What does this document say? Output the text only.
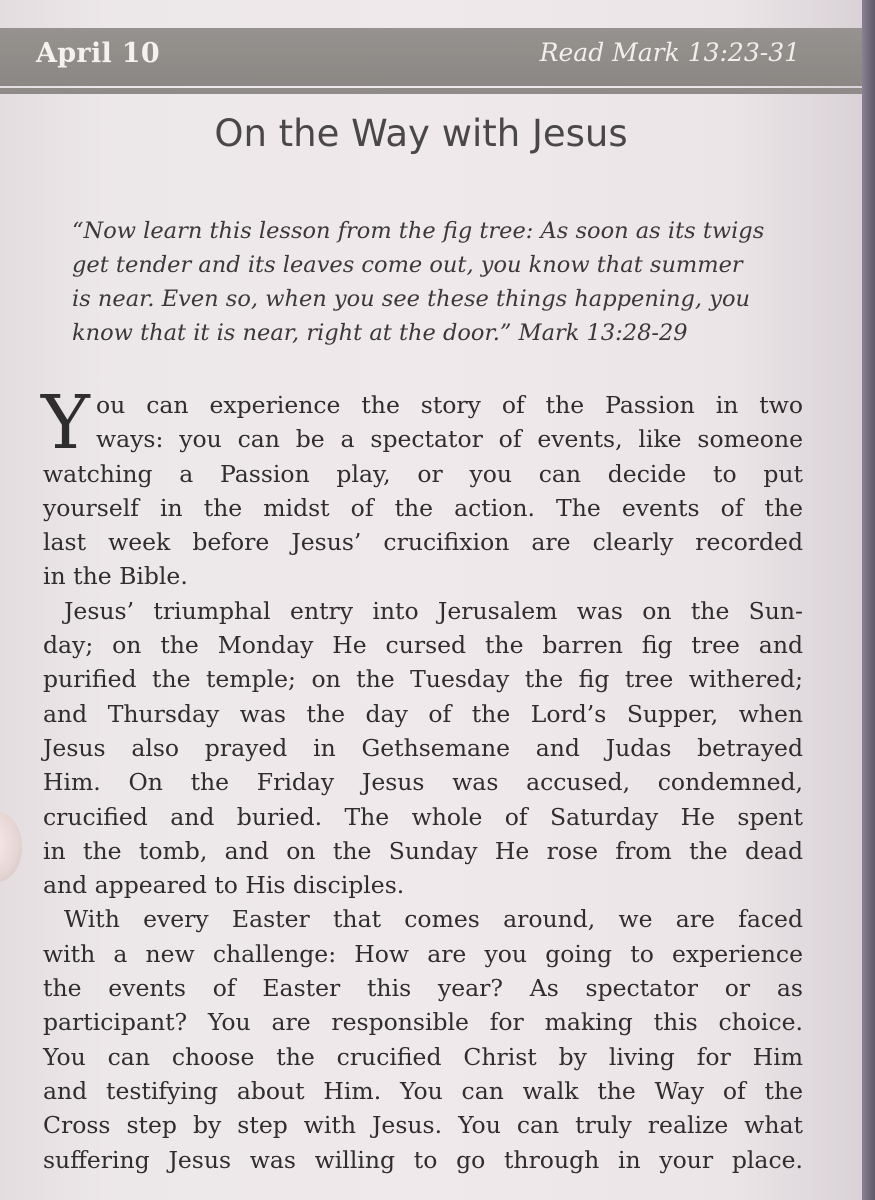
April 10	Read Mark 13:23-31
On the Way with Jesus
“Now learn this lesson from the fig tree: As soon as its twigs
get tender and its leaves come out, you know that summer
is near. Even so, when you see these things happening, you
know that it is near, right at the door.” Mark 13:28-29
Y ou can experience the story of the Passion in two
ways: you can be a spectator of events, like someone
watching a Passion play, or you can decide to put
yourself in the midst of the action. The events of the
last week before Jesus’ crucifixion are clearly recorded
in the Bible.
Jesus’ triumphal entry into Jerusalem was on the Sun-
day; on the Monday He cursed the barren fig tree and
purified the temple; on the Tuesday the fig tree withered;
and Thursday was the day of the Lord’s Supper, when
Jesus also prayed in Gethsemane and Judas betrayed
Him. On the Friday Jesus was accused, condemned,
crucified and buried. The whole of Saturday He spent
in the tomb, and on the Sunday He rose from the dead
and appeared to His disciples.
With every Easter that comes around, we are faced
with a new challenge: How are you going to experience
the events of Easter this year? As spectator or as
participant? You are responsible for making this choice.
You can choose the crucified Christ by living for Him
and testifying about Him. You can walk the Way of the
Cross step by step with Jesus. You can truly realize what
suffering Jesus was willing to go through in your place.
